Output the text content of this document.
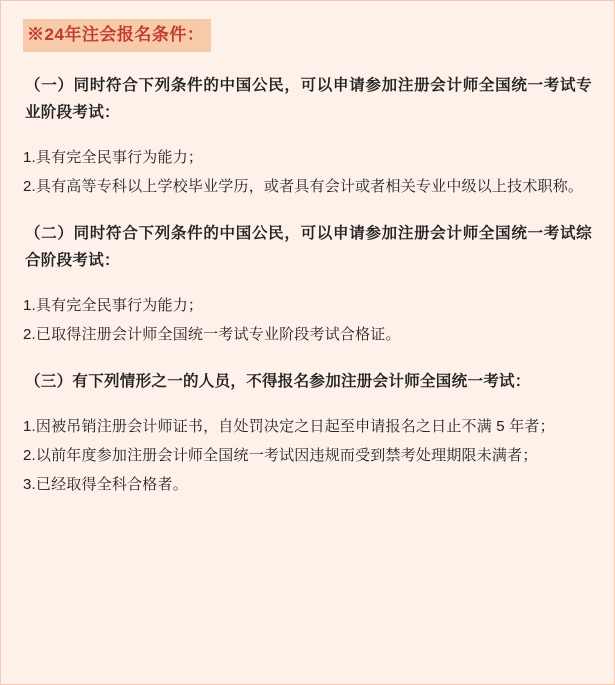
※24年注会报名条件：
（一）同时符合下列条件的中国公民，可以申请参加注册会计师全国统一考试专业阶段考试：
1.具有完全民事行为能力；
2.具有高等专科以上学校毕业学历，或者具有会计或者相关专业中级以上技术职称。
（二）同时符合下列条件的中国公民，可以申请参加注册会计师全国统一考试综合阶段考试：
1.具有完全民事行为能力；
2.已取得注册会计师全国统一考试专业阶段考试合格证。
（三）有下列情形之一的人员，不得报名参加注册会计师全国统一考试：
1.因被吊销注册会计师证书，自处罚决定之日起至申请报名之日止不满 5 年者；
2.以前年度参加注册会计师全国统一考试因违规而受到禁考处理期限未满者；
3.已经取得全科合格者。
